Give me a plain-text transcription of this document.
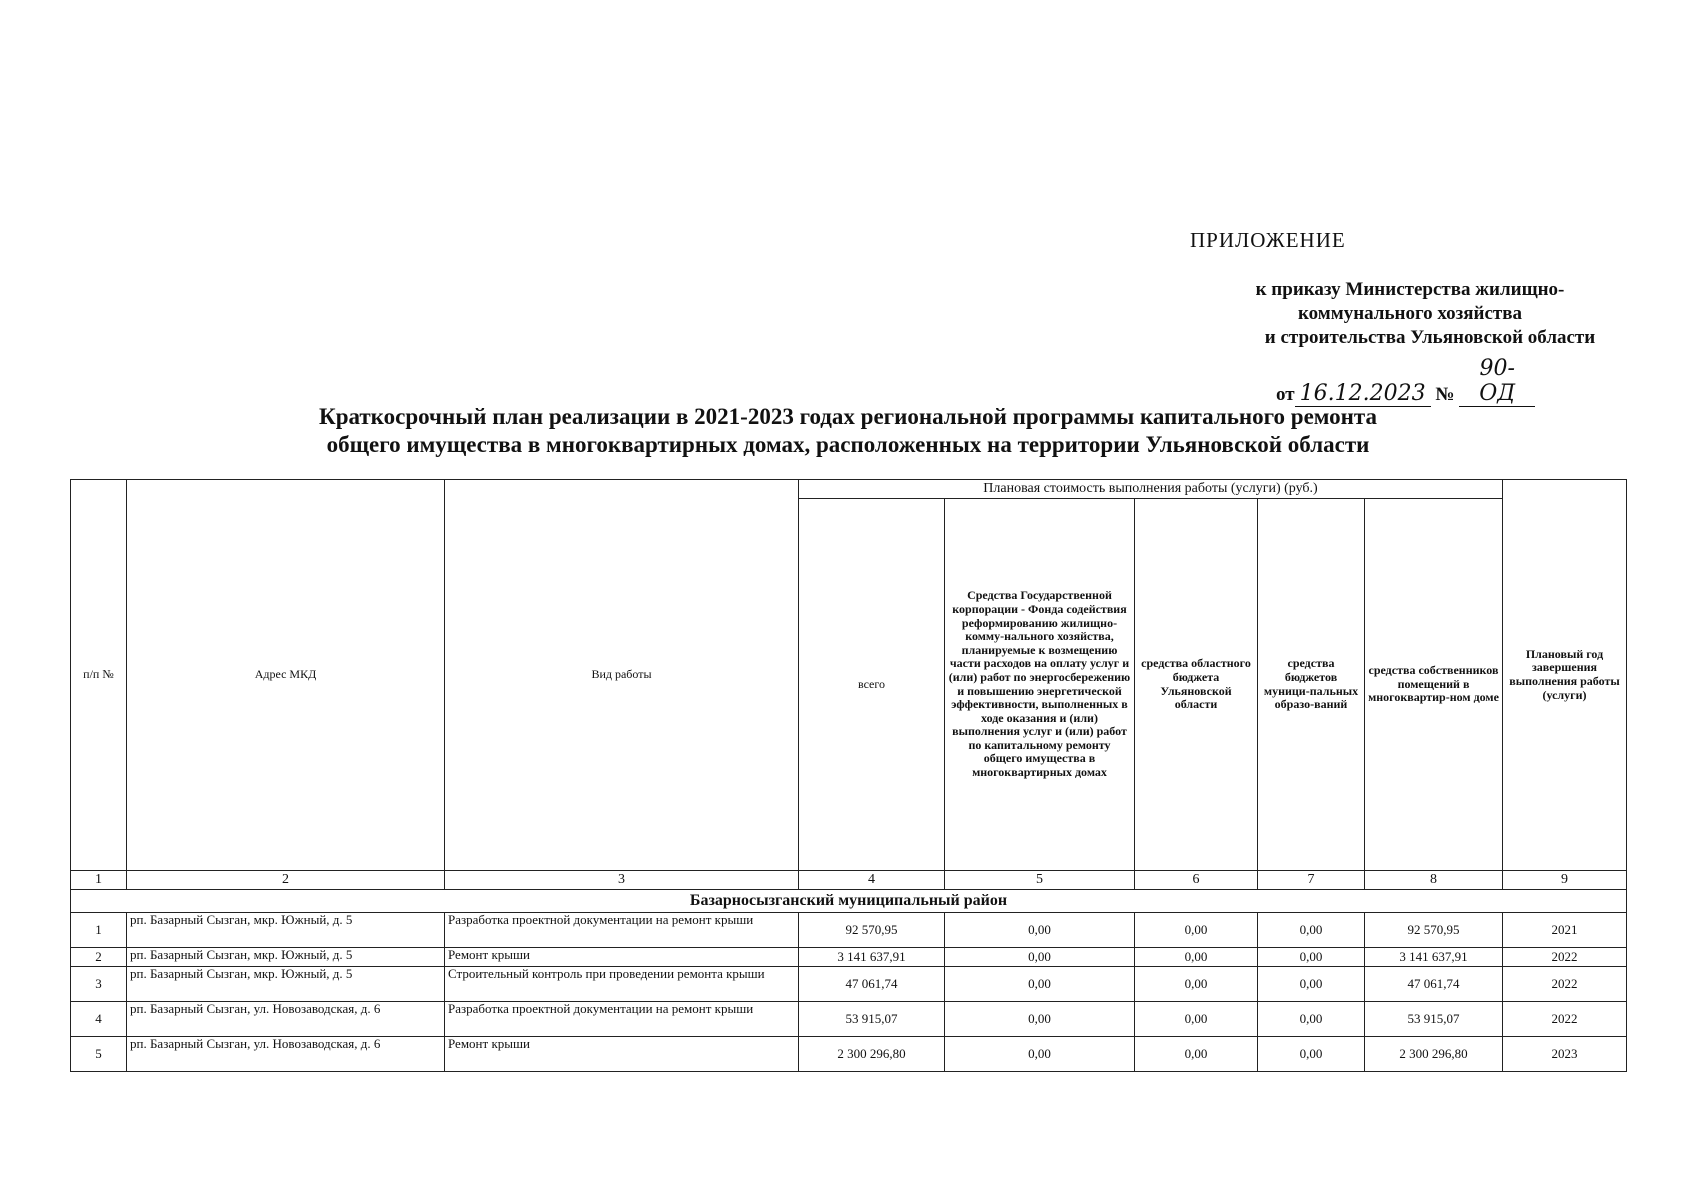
ПРИЛОЖЕНИЕ
к приказу Министерства жилищно-
коммунального хозяйства
и строительства Ульяновской области
от 16.12.2023 № 90-ОД
Краткосрочный план реализации в 2021-2023 годах региональной программы капитального ремонта
общего имущества в многоквартирных домах, расположенных на территории Ульяновской области
п/п №	Адрес МКД	Вид работы	Плановая стоимость выполнения работы (услуги) (руб.)					Плановый год завершения выполнения работы (услуги)
			всего	Средства Государственной корпорации - Фонда содействия реформированию жилищно-комму-нального хозяйства, планируемые к возмещению части расходов на оплату услуг и (или) работ по энергосбережению и повышению энергетической эффективности, выполненных в ходе оказания и (или) выполнения услуг и (или) работ по капитальному ремонту общего имущества в многоквартирных домах	средства областного бюджета Ульяновской области	средства бюджетов муници-пальных образо-ваний	средства собственников помещений в многоквартир-ном доме	
1	2	3	4	5	6	7	8	9
Базарносызганский муниципальный район								
1	рп. Базарный Сызган, мкр. Южный, д. 5	Разработка проектной документации на ремонт крыши	92 570,95	0,00	0,00	0,00	92 570,95	2021
2	рп. Базарный Сызган, мкр. Южный, д. 5	Ремонт крыши	3 141 637,91	0,00	0,00	0,00	3 141 637,91	2022
3	рп. Базарный Сызган, мкр. Южный, д. 5	Строительный контроль при проведении ремонта крыши	47 061,74	0,00	0,00	0,00	47 061,74	2022
4	рп. Базарный Сызган, ул. Новозаводская, д. 6	Разработка проектной документации на ремонт крыши	53 915,07	0,00	0,00	0,00	53 915,07	2022
5	рп. Базарный Сызган, ул. Новозаводская, д. 6	Ремонт крыши	2 300 296,80	0,00	0,00	0,00	2 300 296,80	2023
